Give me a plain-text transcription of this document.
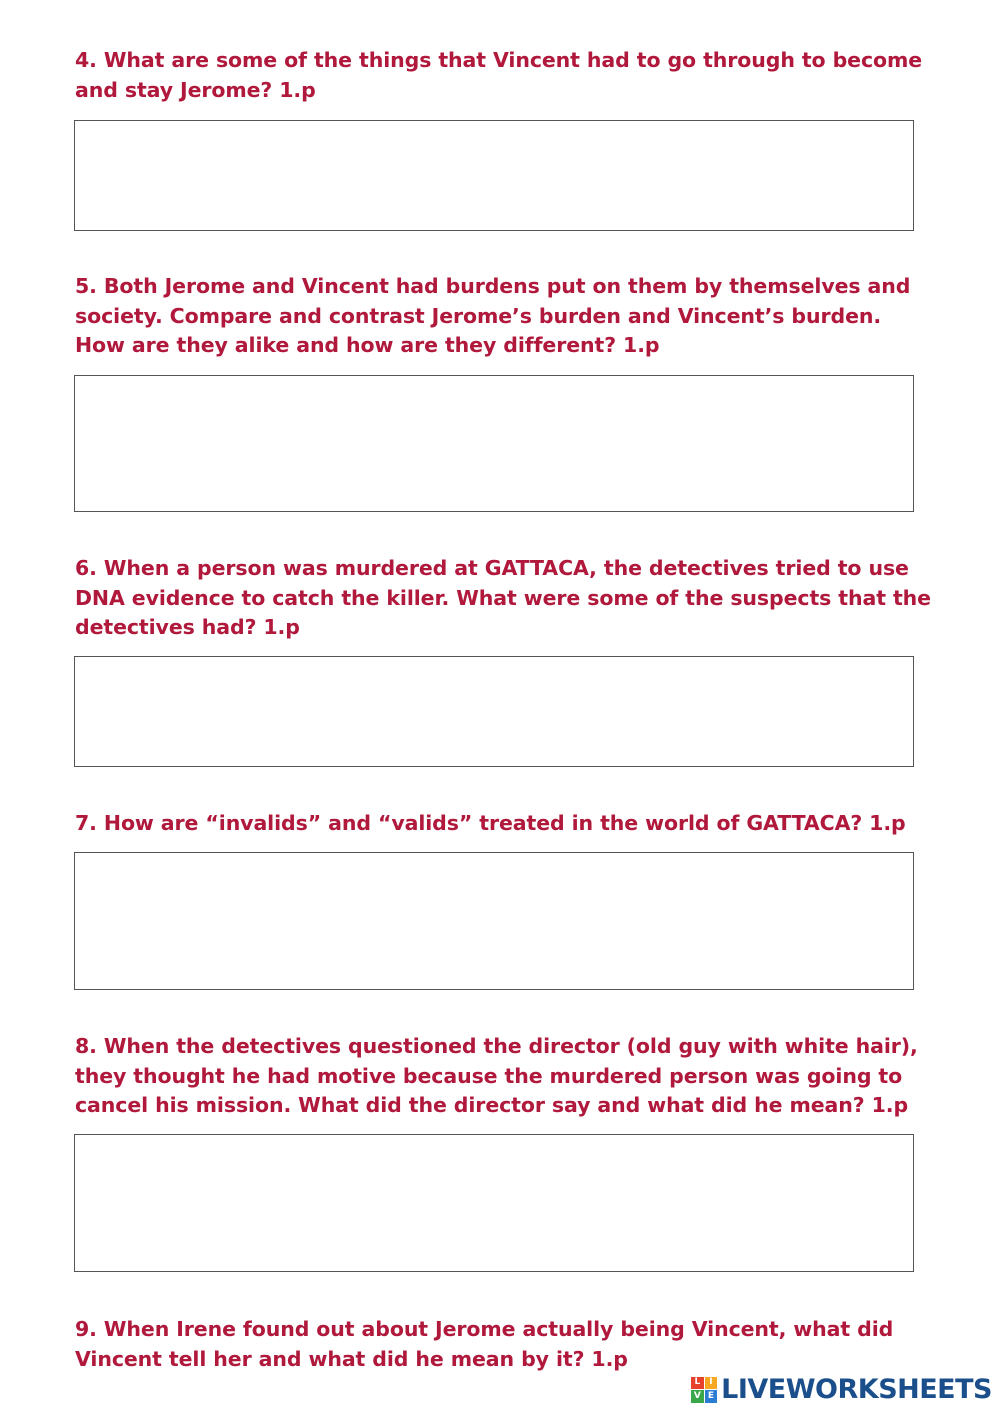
4. What are some of the things that Vincent had to go through to become and stay Jerome? 1.p

5. Both Jerome and Vincent had burdens put on them by themselves and society. Compare and contrast Jerome’s burden and Vincent’s burden. How are they alike and how are they different? 1.p

6. When a person was murdered at GATTACA, the detectives tried to use DNA evidence to catch the killer. What were some of the suspects that the detectives had? 1.p

7. How are “invalids” and “valids” treated in the world of GATTACA? 1.p

8. When the detectives questioned the director (old guy with white hair), they thought he had motive because the murdered person was going to cancel his mission. What did the director say and what did he mean? 1.p

9. When Irene found out about Jerome actually being Vincent, what did Vincent tell her and what did he mean by it? 1.p

L I
V E LIVEWORKSHEETS
